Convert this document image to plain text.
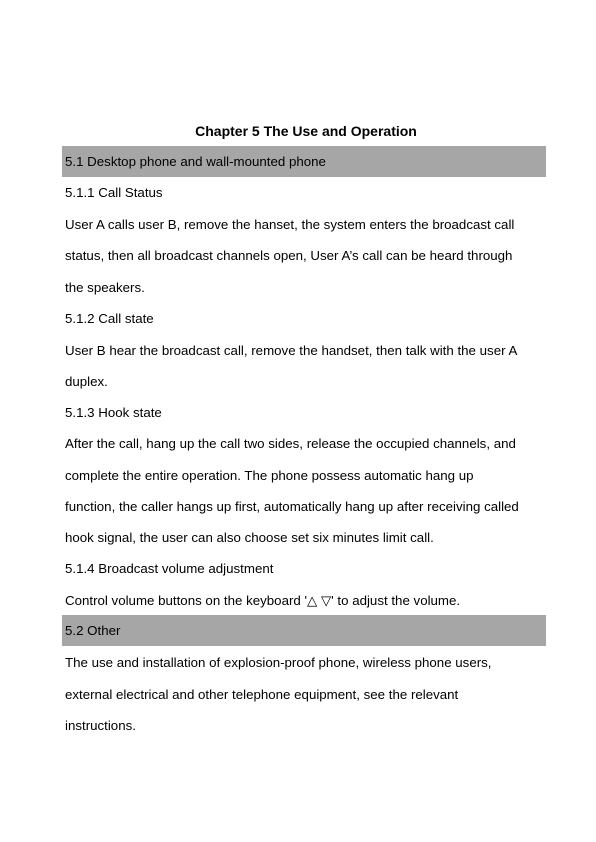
Chapter 5 The Use and Operation
5.1 Desktop phone and wall-mounted phone
5.1.1 Call Status
User A calls user B, remove the hanset, the system enters the broadcast call
status, then all broadcast channels open, User A’s call can be heard through
the speakers.
5.1.2 Call state
User B hear the broadcast call, remove the handset, then talk with the user A
duplex.
5.1.3 Hook state
After the call, hang up the call two sides, release the occupied channels, and
complete the entire operation. The phone possess automatic hang up
function, the caller hangs up first, automatically hang up after receiving called
hook signal, the user can also choose set six minutes limit call.
5.1.4 Broadcast volume adjustment
Control volume buttons on the keyboard '△ ▽' to adjust the volume.
5.2 Other
The use and installation of explosion-proof phone, wireless phone users,
external electrical and other telephone equipment, see the relevant
instructions.
